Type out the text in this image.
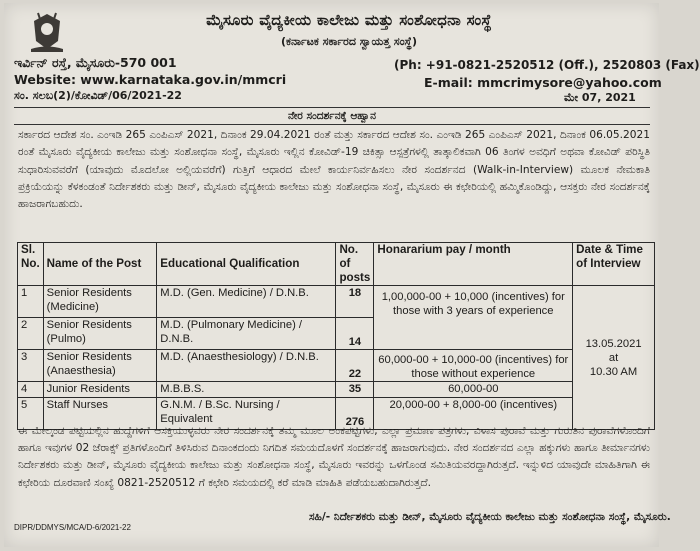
ಮೈಸೂರು ವೈದ್ಯಕೀಯ ಕಾಲೇಜು ಮತ್ತು ಸಂಶೋಧನಾ ಸಂಸ್ಥೆ
(ಕರ್ನಾಟಕ ಸರ್ಕಾರದ ಸ್ವಾಯತ್ತ ಸಂಸ್ಥೆ)
ಇರ್ವಿನ್ ರಸ್ತೆ, ಮೈಸೂರು-570 001	(Ph: +91-0821-2520512 (Off.), 2520803 (Fax)
Website: www.karnataka.gov.in/mmcri	E-mail: mmcrimysore@yahoo.com
ಸಂ. ಸಲಬ(2)/ಕೋವಿಡ್/06/2021-22	ಮೇ 07, 2021
ನೇರ ಸಂದರ್ಶನಕ್ಕೆ ಆಹ್ವಾನ

ಸರ್ಕಾರದ ಆದೇಶ ಸಂ. ಎಂಇಡಿ 265 ಎಂಪಿಎಸ್ 2021, ದಿನಾಂಕ 29.04.2021 ರಂತೆ ಮತ್ತು ಸರ್ಕಾರದ ಆದೇಶ ಸಂ. ಎಂಇಡಿ 265 ಎಂಪಿಎಸ್ 2021, ದಿನಾಂಕ 06.05.2021 ರಂತೆ ಮೈಸೂರು ವೈದ್ಯಕೀಯ ಕಾಲೇಜು ಮತ್ತು ಸಂಶೋಧನಾ ಸಂಸ್ಥೆ, ಮೈಸೂರು ಇಲ್ಲಿನ ಕೋವಿಡ್-19 ಚಿಕಿತ್ಸಾ ಆಸ್ಪತ್ರೆಗಳಲ್ಲಿ ತಾತ್ಕಾಲಿಕವಾಗಿ 06 ತಿಂಗಳ ಅವಧಿಗೆ ಅಥವಾ ಕೋವಿಡ್ ಪರಿಸ್ಥಿತಿ ಸುಧಾರಿಸುವವರೆಗೆ (ಯಾವುದು ಮೊದಲೋ ಅಲ್ಲಿಯವರೆಗೆ) ಗುತ್ತಿಗೆ ಆಧಾರದ ಮೇಲೆ ಕಾರ್ಯನಿರ್ವಹಿಸಲು ನೇರ ಸಂದರ್ಶನದ (Walk-in-Interview) ಮೂಲಕ ನೇಮಕಾತಿ ಪ್ರಕ್ರಿಯೆಯನ್ನು ಕೆಳಕಂಡಂತೆ ನಿರ್ದೇಶಕರು ಮತ್ತು ಡೀನ್, ಮೈಸೂರು ವೈದ್ಯಕೀಯ ಕಾಲೇಜು ಮತ್ತು ಸಂಶೋಧನಾ ಸಂಸ್ಥೆ, ಮೈಸೂರು ಈ ಕಛೇರಿಯಲ್ಲಿ ಹಮ್ಮಿಕೊಂಡಿದ್ದು, ಆಸಕ್ತರು ನೇರ ಸಂದರ್ಶನಕ್ಕೆ ಹಾಜರಾಗಬಹುದು.

Sl. No.	Name of the Post	Educational Qualification	No. of posts	Honararium pay / month	Date & Time of Interview
1	Senior Residents (Medicine)	M.D. (Gen. Medicine) / D.N.B.	18	1,00,000-00 + 10,000 (incentives) for those with 3 years of experience	13.05.2021
at
10.30 AM

2	Senior Residents (Pulmo)	M.D. (Pulmonary Medicine) / D.N.B.	14		
3	Senior Residents (Anaesthesia)	M.D. (Anaesthesiology) / D.N.B.	22	60,000-00 + 10,000-00 (incentives) for those without experience	
4	Junior Residents	M.B.B.S.	35	60,000-00	
5	Staff Nurses	G.N.M. / B.Sc. Nursing / Equivalent	276	20,000-00 + 8,000-00 (incentives)	

ಈ ಮೇಲ್ಕಂಡ ಪಟ್ಟಿಯಲ್ಲಿನ ಹುದ್ದೆಗಳಿಗೆ ಆಸಕ್ತಿಯುಳ್ಳವರು ನೇರ ಸಂದರ್ಶನಕ್ಕೆ ತಮ್ಮ ಮೂಲ ಅಂಕಪಟ್ಟಿಗಳು, ಎಲ್ಲಾ ಪ್ರಮಾಣ ಪತ್ರಗಳು, ವಿಳಾಸ ಪುರಾವೆ ಮತ್ತು ಗುರುತಿನ ಪುರಾವೆಗಳೊಂದಿಗೆ ಹಾಗೂ ಇವುಗಳ 02 ಜೆರಾಕ್ಸ್ ಪ್ರತಿಗಳೊಂದಿಗೆ ತಿಳಿಸಿರುವ ದಿನಾಂಕದಂದು ನಿಗದಿತ ಸಮಯದೊಳಗೆ ಸಂದರ್ಶನಕ್ಕೆ ಹಾಜರಾಗುವುದು. ನೇರ ಸಂದರ್ಶನದ ಎಲ್ಲಾ ಹಕ್ಕುಗಳು ಹಾಗೂ ತೀರ್ಮಾನಗಳು ನಿರ್ದೇಶಕರು ಮತ್ತು ಡೀನ್, ಮೈಸೂರು ವೈದ್ಯಕೀಯ ಕಾಲೇಜು ಮತ್ತು ಸಂಶೋಧನಾ ಸಂಸ್ಥೆ, ಮೈಸೂರು ಇವರನ್ನು ಒಳಗೊಂಡ ಸಮಿತಿಯವರದ್ದಾಗಿರುತ್ತದೆ. ಇನ್ನುಳಿದ ಯಾವುದೇ ಮಾಹಿತಿಗಾಗಿ ಈ ಕಛೇರಿಯ ದೂರವಾಣಿ ಸಂಖ್ಯೆ 0821-2520512 ಗೆ ಕಛೇರಿ ಸಮಯದಲ್ಲಿ ಕರೆ ಮಾಡಿ ಮಾಹಿತಿ ಪಡೆಯಬಹುದಾಗಿರುತ್ತದೆ.

DIPR/DDMYS/MCA/D-6/2021-22
ಸಹಿ/- ನಿರ್ದೇಶಕರು ಮತ್ತು ಡೀನ್, ಮೈಸೂರು ವೈದ್ಯಕೀಯ ಕಾಲೇಜು ಮತ್ತು ಸಂಶೋಧನಾ ಸಂಸ್ಥೆ, ಮೈಸೂರು.
